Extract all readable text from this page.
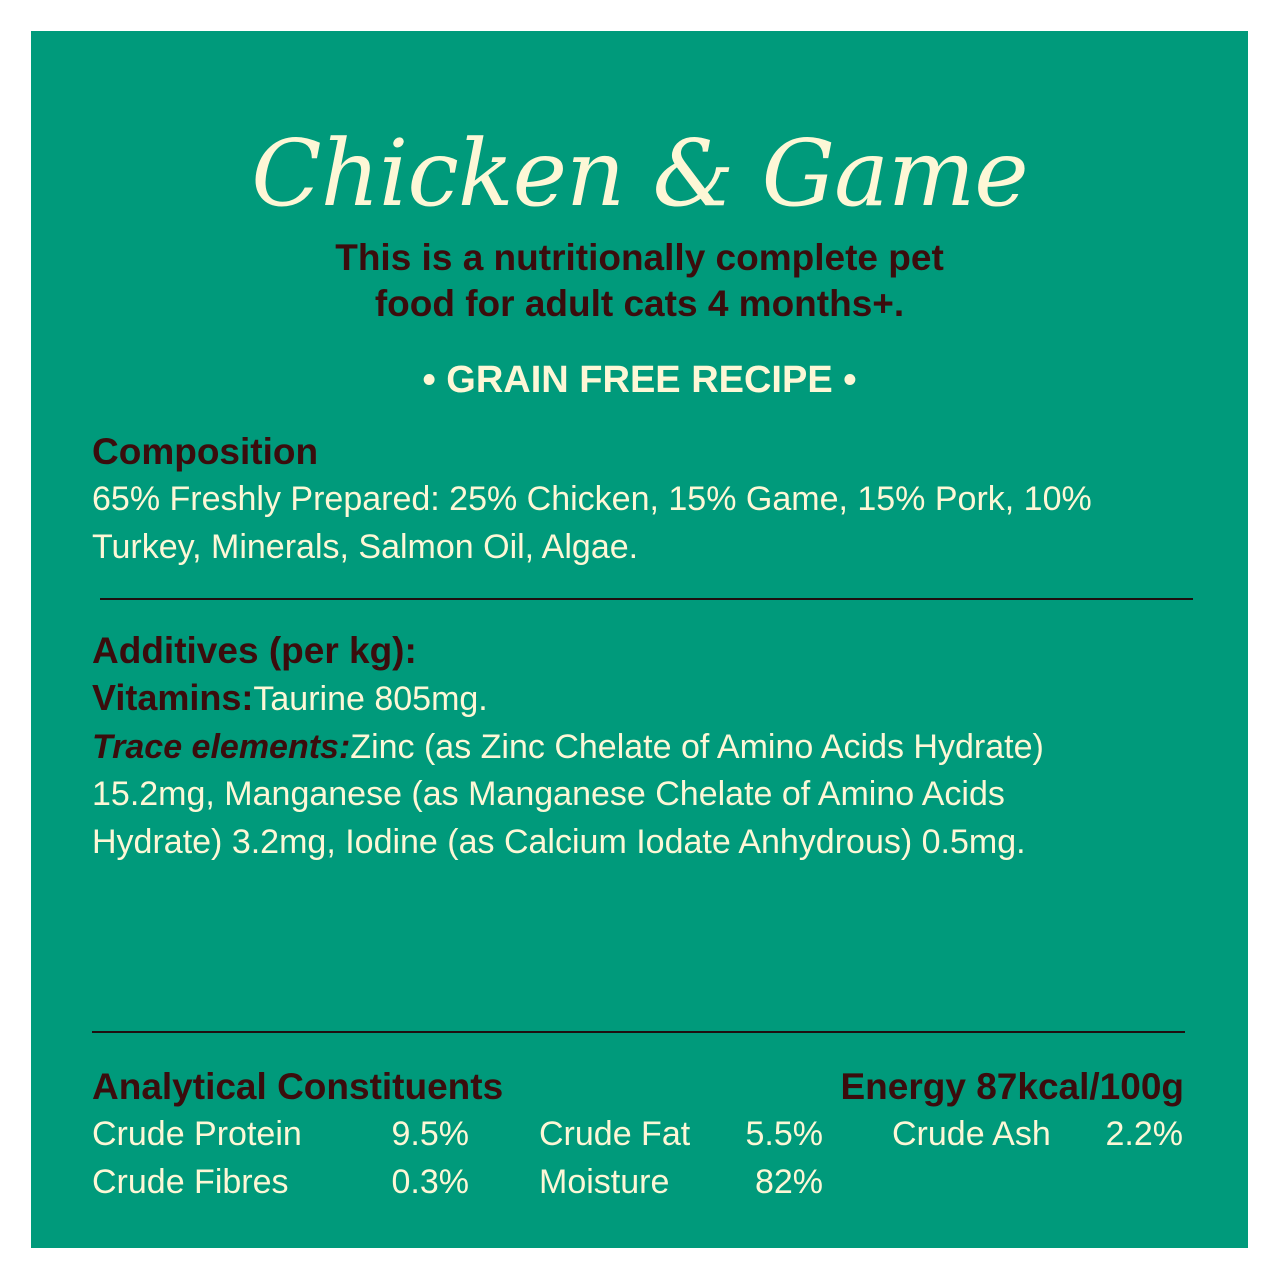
Chicken & Game
This is a nutritionally complete pet
food for adult cats 4 months+.
• GRAIN FREE RECIPE •
Composition
65% Freshly Prepared: 25% Chicken, 15% Game, 15% Pork, 10% Turkey, Minerals, Salmon Oil, Algae.
Additives (per kg):
Vitamins:Taurine 805mg.
Trace elements:Zinc (as Zinc Chelate of Amino Acids Hydrate) 15.2mg, Manganese (as Manganese Chelate of Amino Acids Hydrate) 3.2mg, Iodine (as Calcium Iodate Anhydrous) 0.5mg.
Analytical Constituents	Energy 87kcal/100g
Crude Protein	9.5% Crude Fat	5.5% Crude Ash	2.2%
Crude Fibres	0.3% Moisture	82%
